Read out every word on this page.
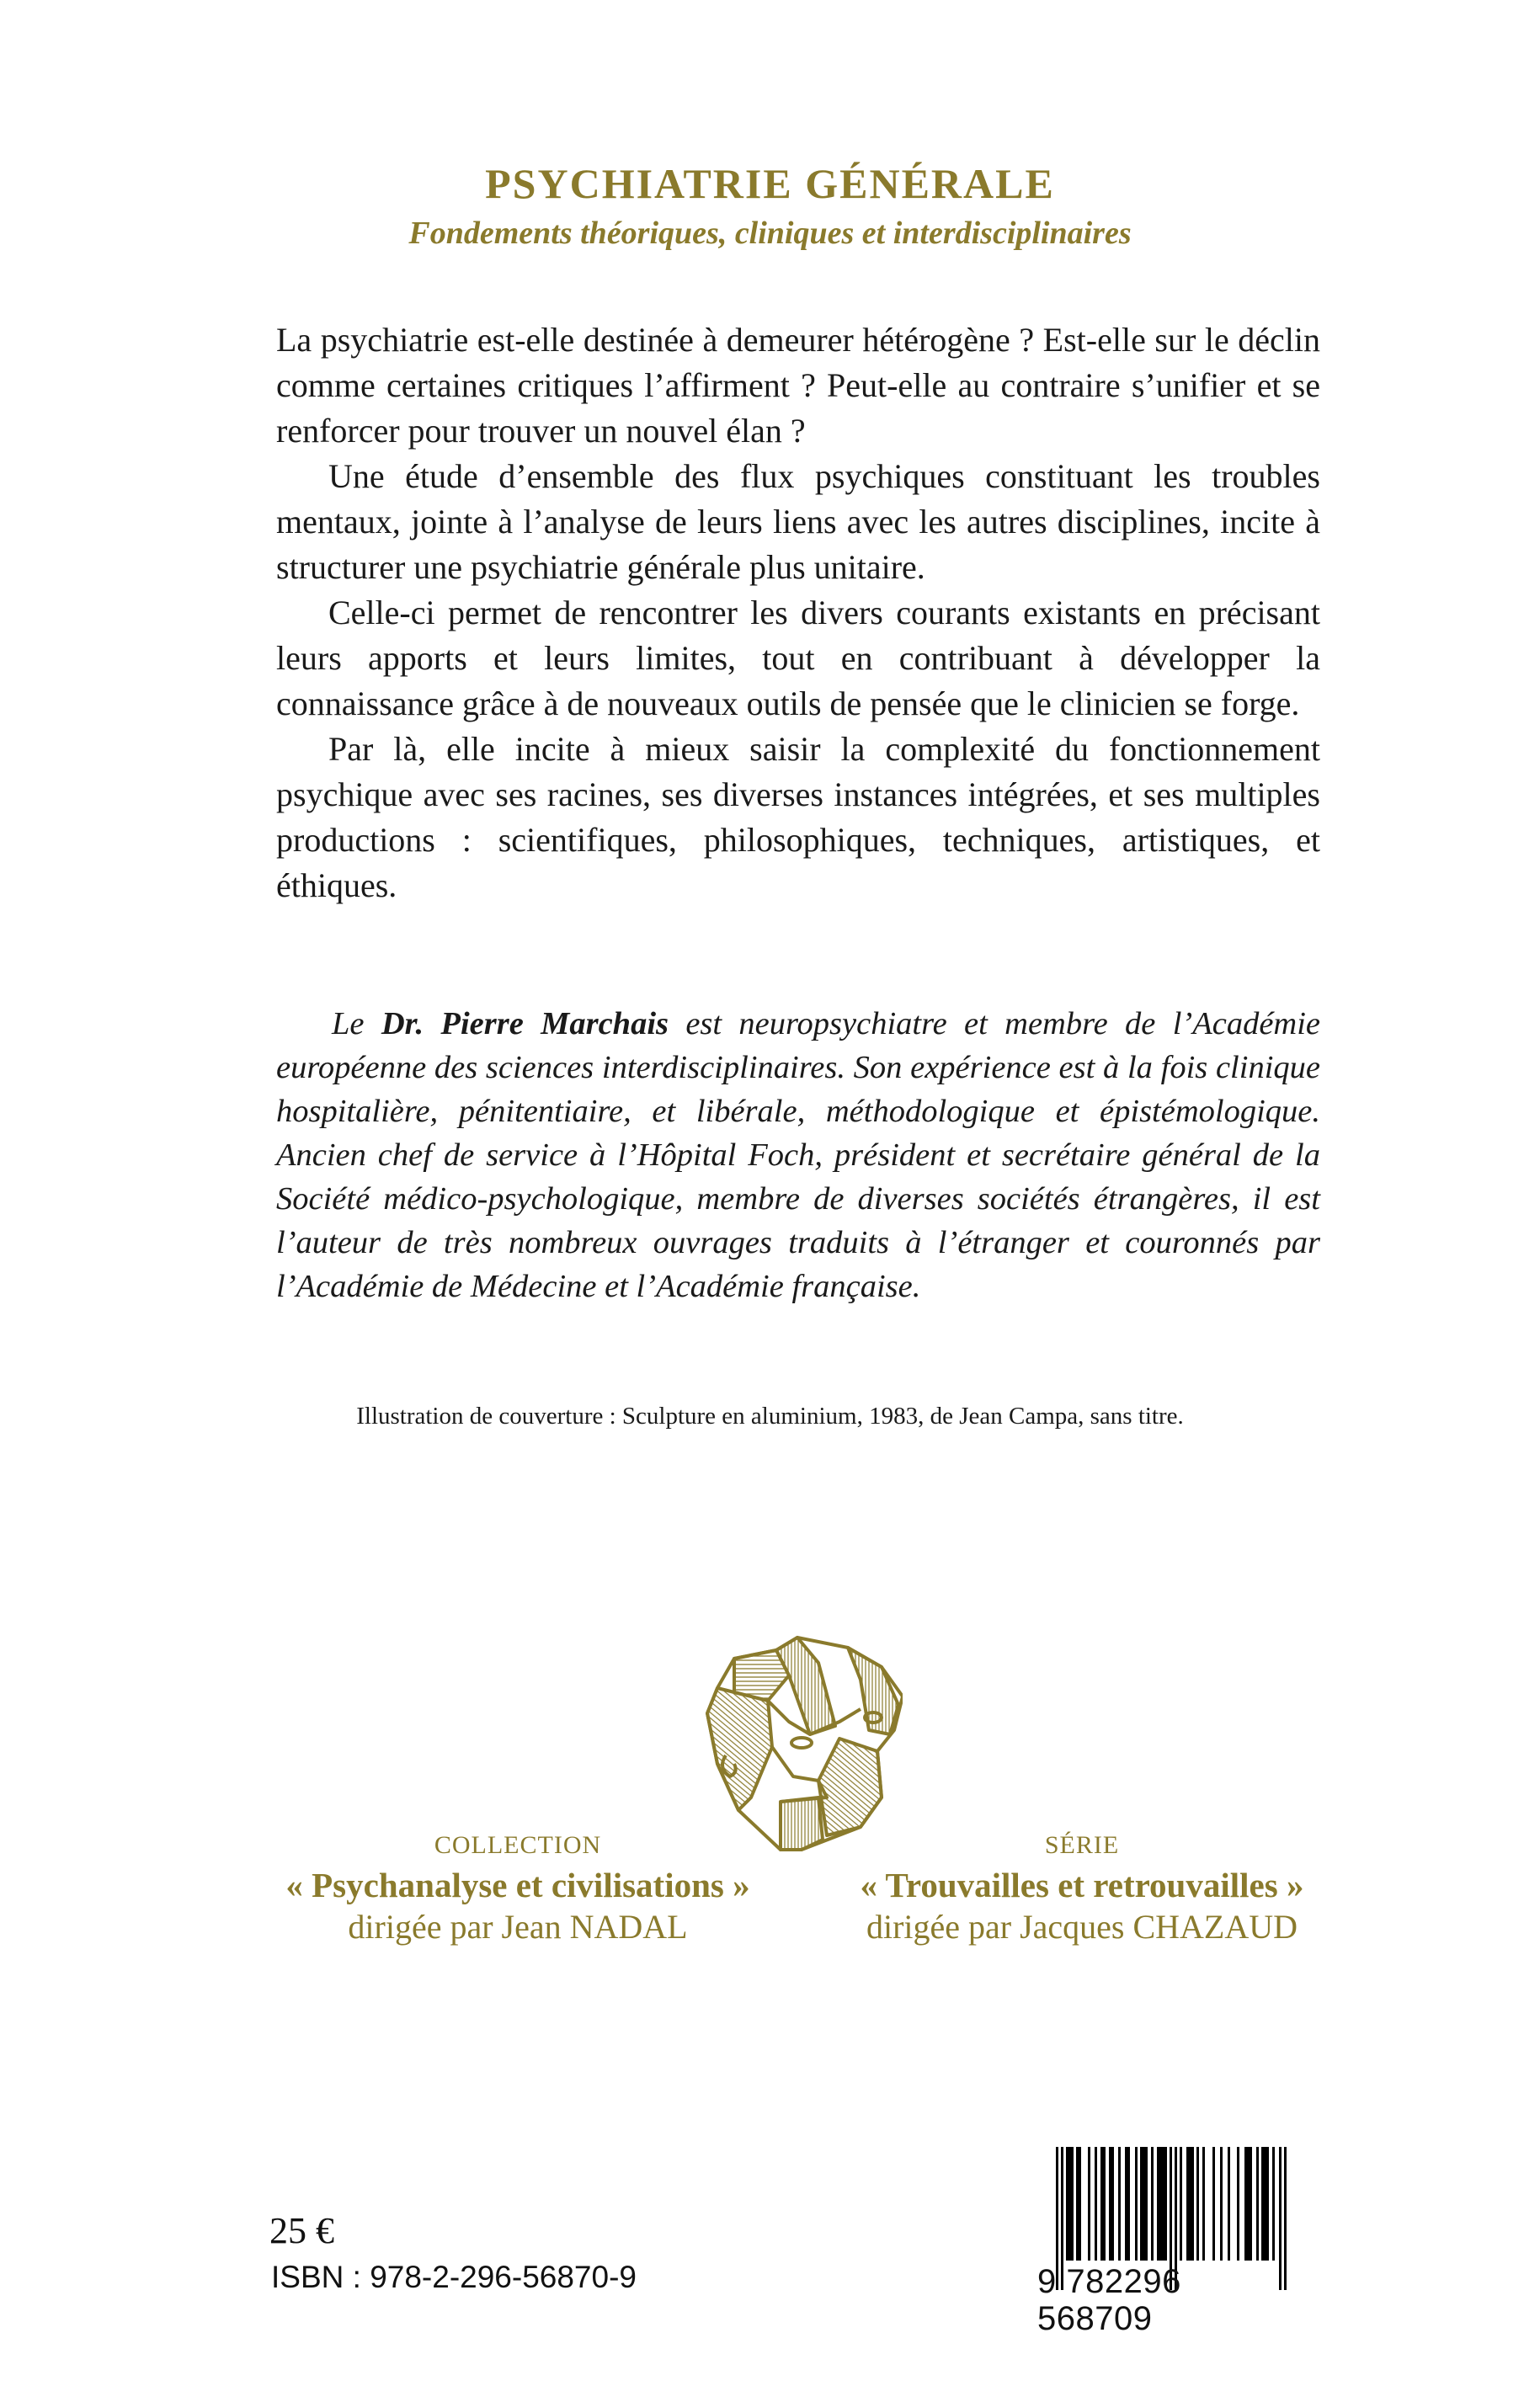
PSYCHIATRIE GÉNÉRALE
Fondements théoriques, cliniques et interdisciplinaires

La psychiatrie est-elle destinée à demeurer hétérogène ? Est-elle sur le déclin comme certaines critiques l’affirment ? Peut-elle au contraire s’unifier et se renforcer pour trouver un nouvel élan ?

Une étude d’ensemble des flux psychiques constituant les troubles mentaux, jointe à l’analyse de leurs liens avec les autres disciplines, incite à structurer une psychiatrie générale plus unitaire.

Celle-ci permet de rencontrer les divers courants existants en précisant leurs apports et leurs limites, tout en contribuant à développer la connaissance grâce à de nouveaux outils de pensée que le clinicien se forge.

Par là, elle incite à mieux saisir la complexité du fonctionnement psychique avec ses racines, ses diverses instances intégrées, et ses multiples productions : scientifiques, philosophiques, techniques, artistiques, et éthiques.

Le Dr. Pierre Marchais est neuropsychiatre et membre de l’Académie européenne des sciences interdisciplinaires. Son expérience est à la fois clinique hospitalière, pénitentiaire, et libérale, méthodologique et épistémologique. Ancien chef de service à l’Hôpital Foch, président et secrétaire général de la Société médico-psychologique, membre de diverses sociétés étrangères, il est l’auteur de très nombreux ouvrages traduits à l’étranger et couronnés par l’Académie de Médecine et l’Académie française.

Illustration de couverture : Sculpture en aluminium, 1983, de Jean Campa, sans titre.
COLLECTION
« Psychanalyse et civilisations »
dirigée par Jean NADAL
SÉRIE
« Trouvailles et retrouvailles »
dirigée par Jacques CHAZAUD
25 €
ISBN : 978-2-296-56870-9	9 782296 568709
